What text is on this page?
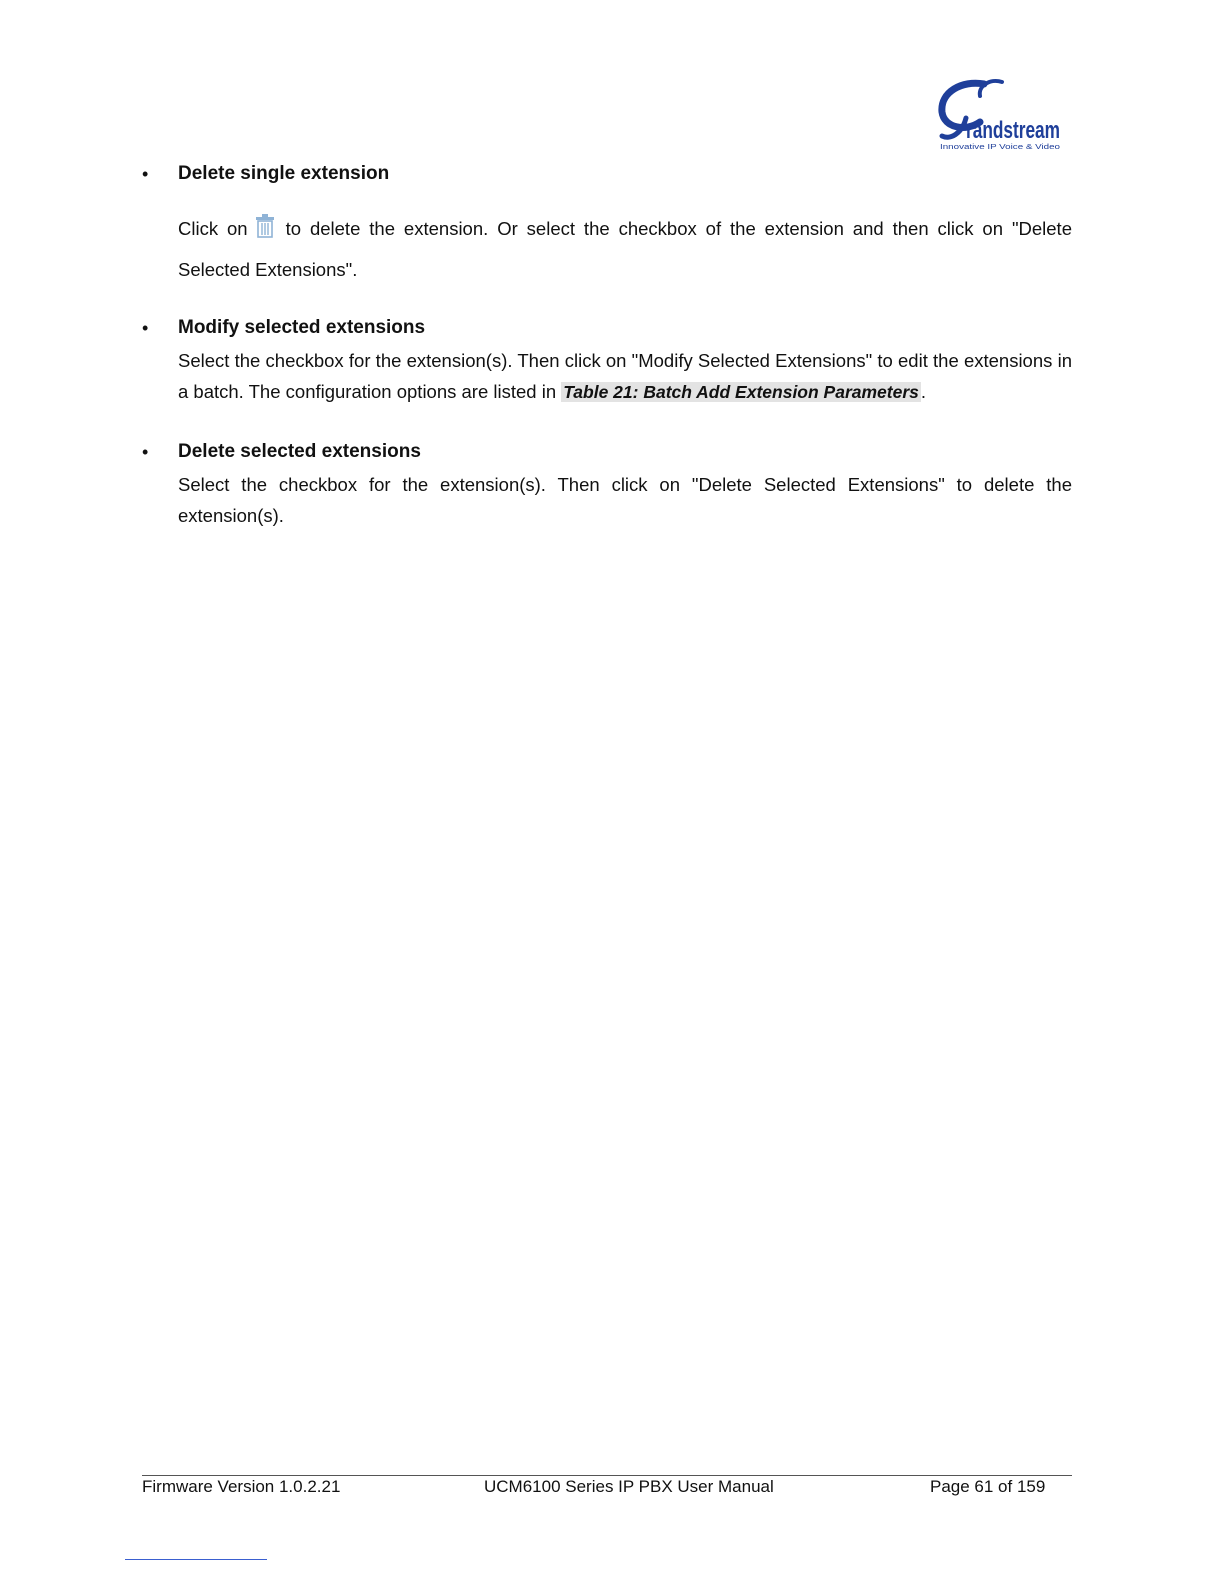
randstream
Innovative IP Voice & Video
• Delete single extension
Click on to delete the extension. Or select the checkbox of the extension and then click on "Delete Selected Extensions".
• Modify selected extensions
Select the checkbox for the extension(s). Then click on "Modify Selected Extensions" to edit the extensions in a batch. The configuration options are listed in Table 21: Batch Add Extension Parameters .
• Delete selected extensions
Select the checkbox for the extension(s). Then click on "Delete Selected Extensions" to delete the extension(s).
Firmware Version 1.0.2.21	UCM6100 Series IP PBX User Manual	Page 61 of 159
